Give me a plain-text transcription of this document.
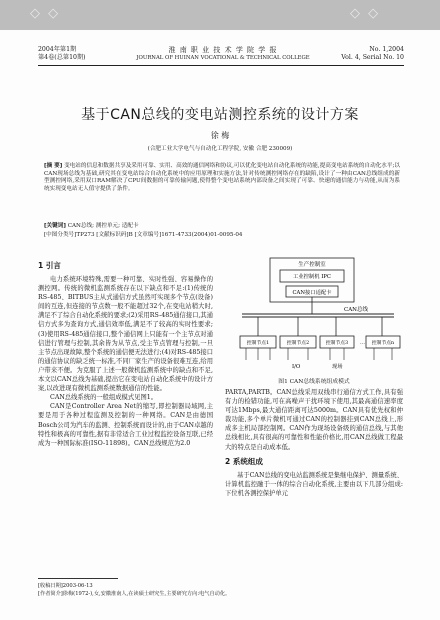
◇ ◇	◇ ◇
2004年第1期
第4卷(总第10期)
淮 南 职 业 技 术 学 院 学 报
JOURNAL OF HUINAN VOCATIONAL & TECHNICAL COLLEGE
No. 1,2004
Vol. 4, Serial No. 10
基于CAN总线的变电站测控系统的设计方案
徐 梅
(合肥工业大学电气与自动化工程学院, 安徽 合肥 230009)
[摘 要] 变电站的信息和数据共享及采用可靠、实用、高效的通信网络和协议,可以优化变电站自动化系统的功能,提高变电站系统的自动化水平;以CAN现场总线为基础,研究其在变电站综合自动化系统中的应用原理和实施方法,针对传统测控网络存在的缺陷,设计了一种由CAN总线组成的新型测控网络,采用双口RAM解决了CPU间数据的可靠传输问题,使得整个变电站系统内部设备之间实现了可靠、快速的通信能力与功能,从而为系统实现变电站无人值守提供了条件。
[关键词] CAN总线; 测控单元; 适配卡
[中图分类号]TP273 [文献标识码]B [文章编号]1671-4733(2004)01-0095-04
1 引言

电力系统环境特殊,需要一种可靠、实时性强、容易操作的测控网。传统的微机监测系统存在以下缺点和不足:(1)传统的RS-485、BITBUS主从式通信方式虽然可实现多个节点(设备)间的互连,但连接的节点数一般不能超过32个,在变电站稍大时,满足不了综合自动化系统的要求;(2)采用RS-485通信接口,其通信方式多为查询方式,通信效率低,满足不了较高的实时性要求;(3)使用RS-485通信接口,整个通信网上只能有一个主节点对通信进行管理与控制,其余皆为从节点,受主节点管理与控制,一旦主节点出现故障,整个系统的通信便无法进行;(4)对RS-485接口的通信协议的缺乏统一标准,不同厂家生产的设备很难互连,给用户带来不便。为克服了上述一般微机监测系统中的缺点和不足,本文以CAN总线为基础,提出它在变电站自动化系统中的设计方案,以改进现有微机监测系统数据通信的性能。

CAN总线系统的一般组成模式见图1。

CAN是Controller Area Net的缩写,即控制器局域网,主要是用于各种过程监测及控制的一种网络。CAN是由德国Bosch公司为汽车的监测、控制系统而设计的,由于CAN卓越的特性和极高的可靠性,据有非常适合工业过程监控设备互联,已经成为一种国际标准(ISO-11898)。CAN总线规范为2.0

生产控制室
工业控制机 IPC
CAN接口适配卡
CAN总线
控制节点1	控制节点2	控制节点3 … 控制节点n
I/O	现场
图1 CAN总线系统组成模式

PARTA,PARTB。CAN总线采用双线串行通信方式工作,具有强有力的检错功能,可在高噪声干扰环境下使用,其最高通信速率度可达1Mbps,最大通信距离可达5000m。CAN具有优先权和仲裁功能,多个单片微机可通过CAN的控制器挂到CAN总线上,形成多主机局部控制网。CAN作为现场设备级的通信总线,与其他总线相比,具有很高的可靠性和性能价格比,用CAN总线做工程最大的特点是自动成本低。

2 系统组成

基于CAN总线的变电站监测系统是集继电保护、测量系统、计算机监控融于一体的综合自动化系统,主要由以下几部分组成:下位机各测控保护单元

[收稿日期]2003-06-13
[作者简介]徐梅(1972-),女,安徽淮南人,在读硕士研究生,主要研究方向:电气自动化。
